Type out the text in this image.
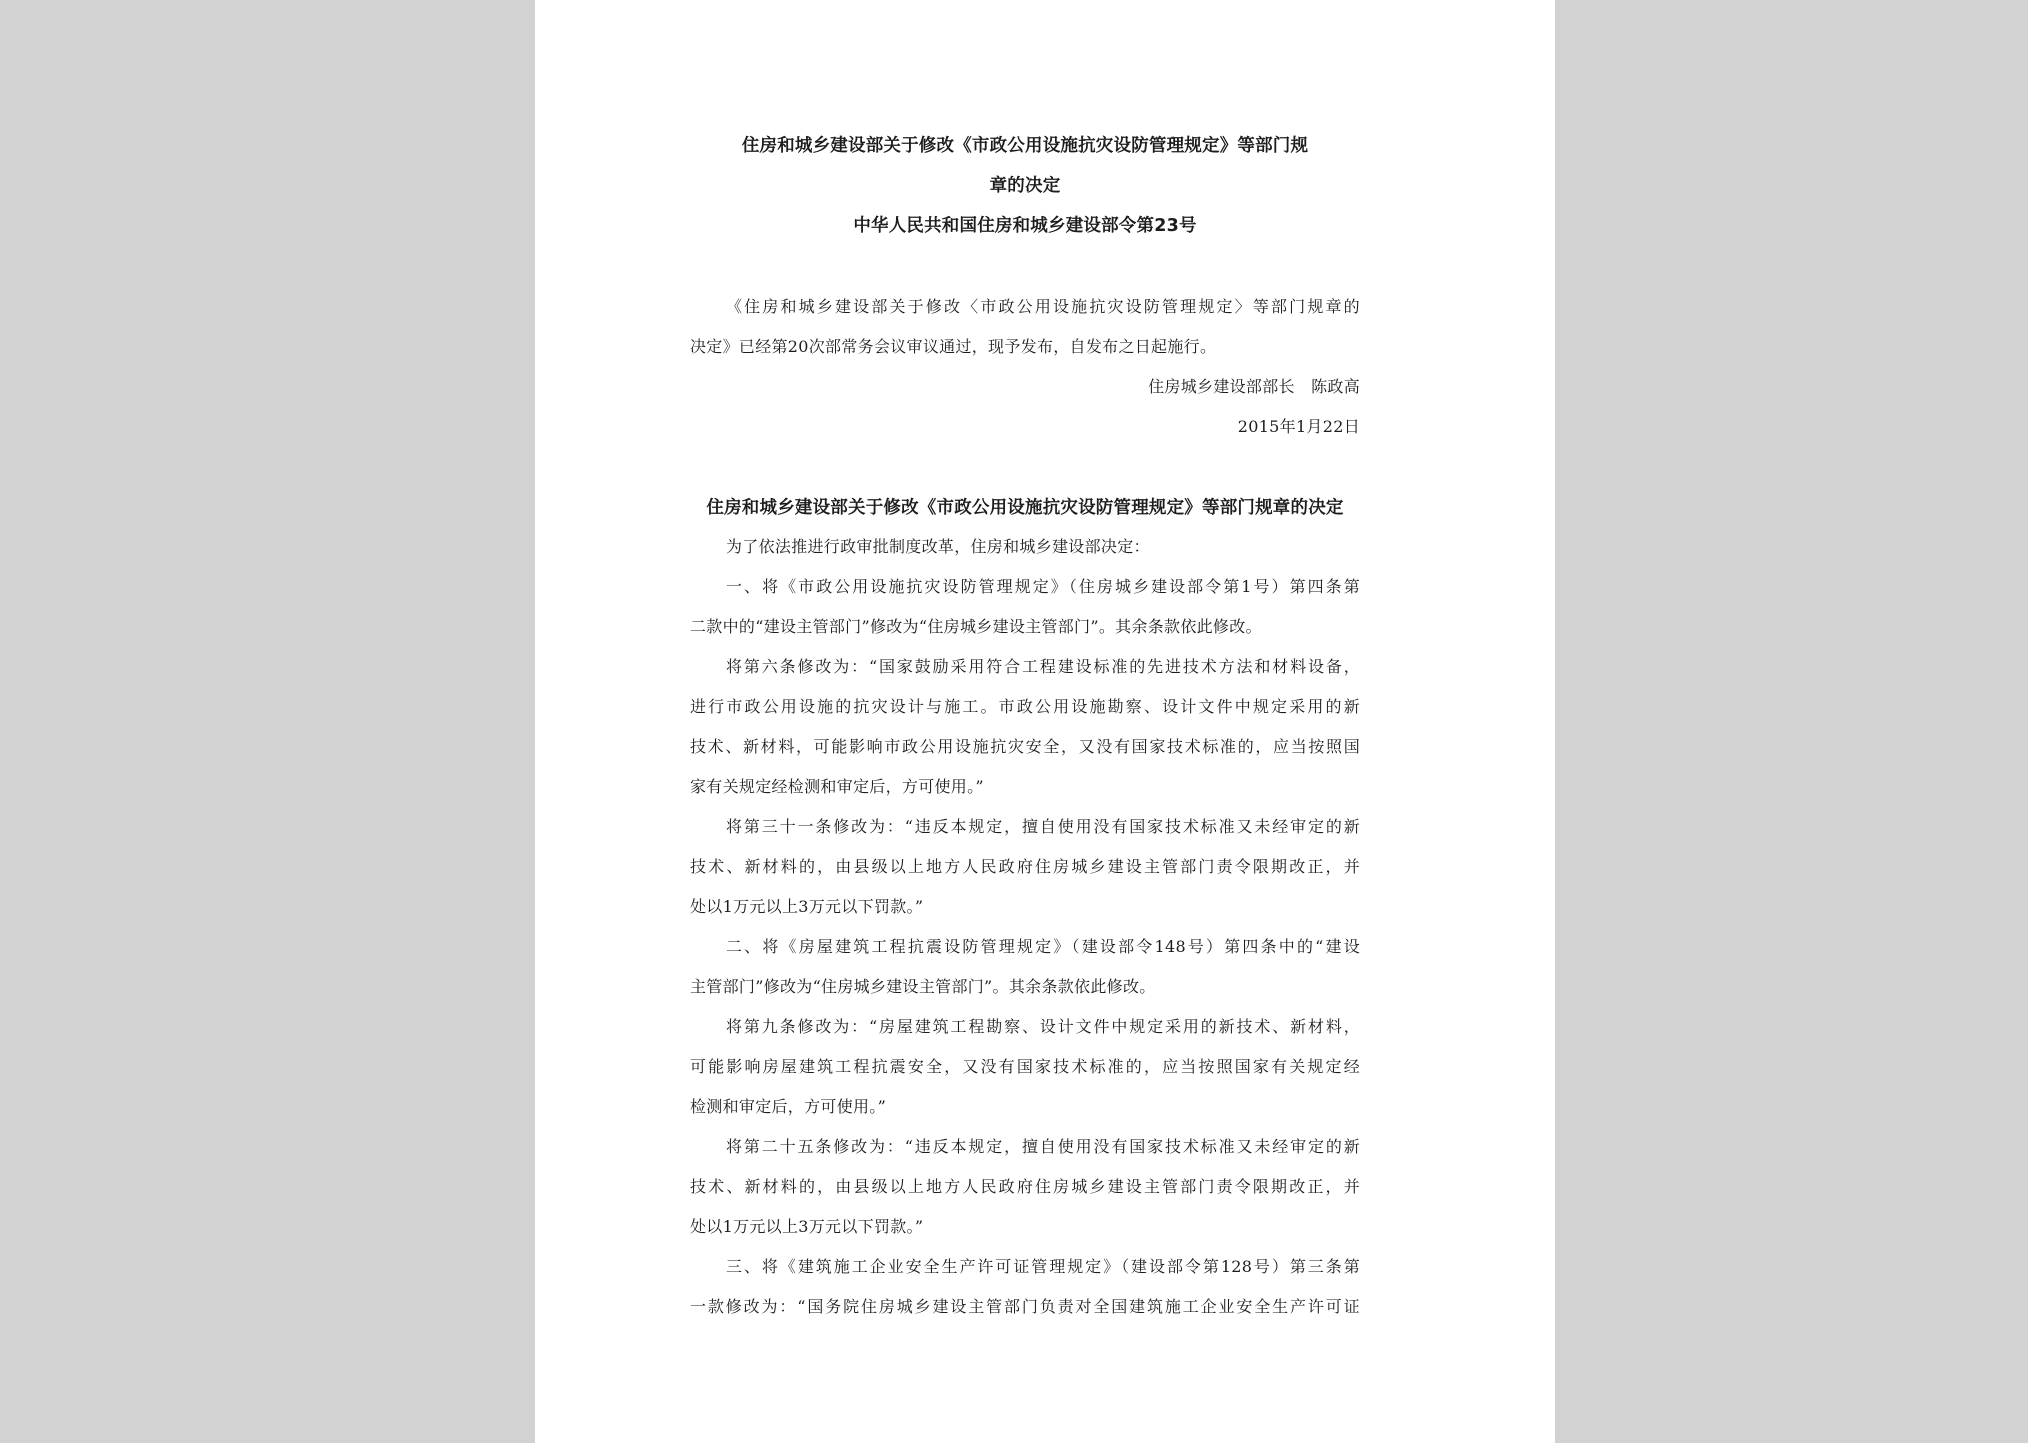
住房和城乡建设部关于修改《市政公用设施抗灾设防管理规定》等部门规
章的决定
中华人民共和国住房和城乡建设部令第23号
《住房和城乡建设部关于修改〈市政公用设施抗灾设防管理规定〉等部门规章的
决定》已经第20次部常务会议审议通过，现予发布，自发布之日起施行。
住房城乡建设部部长　陈政高
2015年1月22日
住房和城乡建设部关于修改《市政公用设施抗灾设防管理规定》等部门规章的决定
为了依法推进行政审批制度改革，住房和城乡建设部决定：
一、将《市政公用设施抗灾设防管理规定》（住房城乡建设部令第1号）第四条第
二款中的“建设主管部门”修改为“住房城乡建设主管部门”。其余条款依此修改。
将第六条修改为：“国家鼓励采用符合工程建设标准的先进技术方法和材料设备，
进行市政公用设施的抗灾设计与施工。市政公用设施勘察、设计文件中规定采用的新
技术、新材料，可能影响市政公用设施抗灾安全，又没有国家技术标准的，应当按照国
家有关规定经检测和审定后，方可使用。”
将第三十一条修改为：“违反本规定，擅自使用没有国家技术标准又未经审定的新
技术、新材料的，由县级以上地方人民政府住房城乡建设主管部门责令限期改正，并
处以1万元以上3万元以下罚款。”
二、将《房屋建筑工程抗震设防管理规定》（建设部令148号）第四条中的“建设
主管部门”修改为“住房城乡建设主管部门”。其余条款依此修改。
将第九条修改为：“房屋建筑工程勘察、设计文件中规定采用的新技术、新材料，
可能影响房屋建筑工程抗震安全，又没有国家技术标准的，应当按照国家有关规定经
检测和审定后，方可使用。”
将第二十五条修改为：“违反本规定，擅自使用没有国家技术标准又未经审定的新
技术、新材料的，由县级以上地方人民政府住房城乡建设主管部门责令限期改正，并
处以1万元以上3万元以下罚款。”
三、将《建筑施工企业安全生产许可证管理规定》（建设部令第128号）第三条第
一款修改为：“国务院住房城乡建设主管部门负责对全国建筑施工企业安全生产许可证
